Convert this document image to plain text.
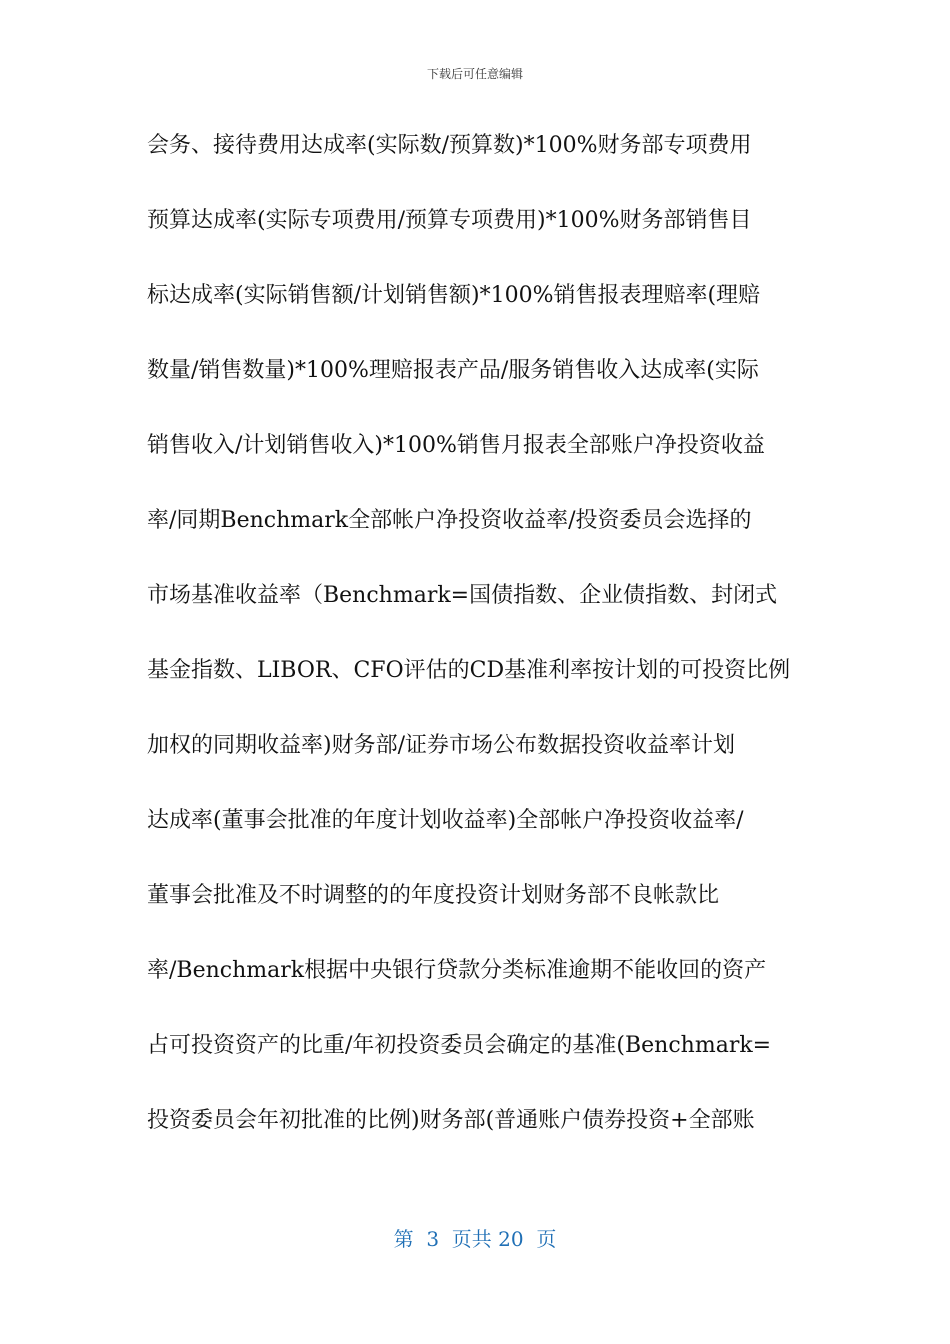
下载后可任意编辑
会务、接待费用达成率(实际数/预算数)*100%财务部专项费用
预算达成率(实际专项费用/预算专项费用)*100%财务部销售目
标达成率(实际销售额/计划销售额)*100%销售报表理赔率(理赔
数量/销售数量)*100%理赔报表产品/服务销售收入达成率(实际
销售收入/计划销售收入)*100%销售月报表全部账户净投资收益
率/同期Benchmark全部帐户净投资收益率/投资委员会选择的
市场基准收益率（Benchmark=国债指数、企业债指数、封闭式
基金指数、LIBOR、CFO评估的CD基准利率按计划的可投资比例
加权的同期收益率)财务部/证券市场公布数据投资收益率计划
达成率(董事会批准的年度计划收益率)全部帐户净投资收益率/
董事会批准及不时调整的的年度投资计划财务部不良帐款比
率/Benchmark根据中央银行贷款分类标准逾期不能收回的资产
占可投资资产的比重/年初投资委员会确定的基准(Benchmark=
投资委员会年初批准的比例)财务部(普通账户债券投资+全部账
第  3  页共 20  页
